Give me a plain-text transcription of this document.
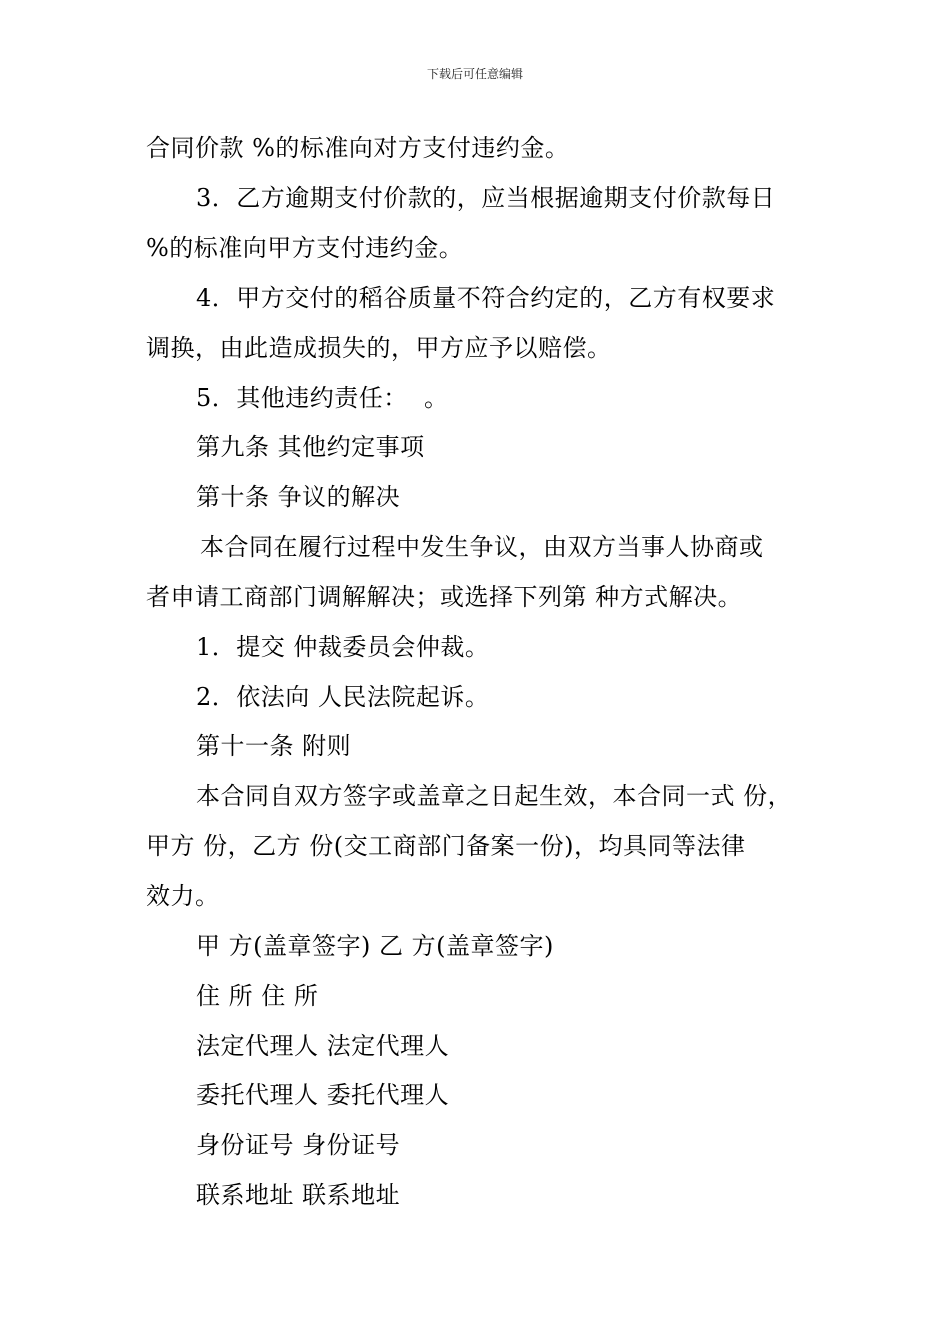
下载后可任意编辑
合同价款 %的标准向对方支付违约金。
3．乙方逾期支付价款的，应当根据逾期支付价款每日
%的标准向甲方支付违约金。
4．甲方交付的稻谷质量不符合约定的，乙方有权要求
调换，由此造成损失的，甲方应予以赔偿。
5．其他违约责任：  。
第九条 其他约定事项
第十条 争议的解决
本合同在履行过程中发生争议，由双方当事人协商或
者申请工商部门调解解决；或选择下列第 种方式解决。
1．提交 仲裁委员会仲裁。
2．依法向 人民法院起诉。
第十一条 附则
本合同自双方签字或盖章之日起生效，本合同一式 份，
甲方 份，乙方 份(交工商部门备案一份)，均具同等法律
效力。
甲 方(盖章签字) 乙 方(盖章签字)
住 所 住 所
法定代理人 法定代理人
委托代理人 委托代理人
身份证号 身份证号
联系地址 联系地址
